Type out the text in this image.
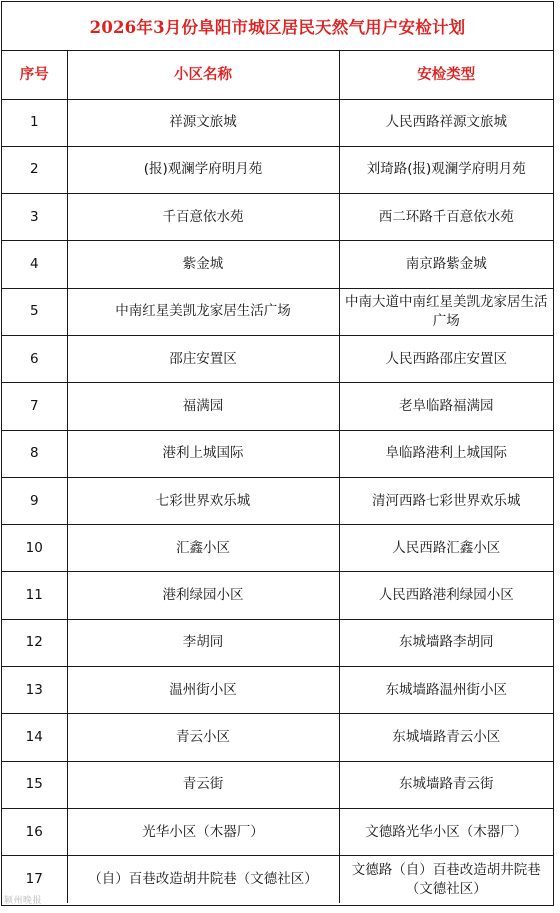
2026年3月份阜阳市城区居民天然气用户安检计划
序号	小区名称	安检类型
1	祥源文旅城	人民西路祥源文旅城
2	(报)观澜学府明月苑	刘琦路(报)观澜学府明月苑
3	千百意依水苑	西二环路千百意依水苑
4	紫金城	南京路紫金城
5	中南红星美凯龙家居生活广场	中南大道中南红星美凯龙家居生活广场
6	邵庄安置区	人民西路邵庄安置区
7	福满园	老阜临路福满园
8	港利上城国际	阜临路港利上城国际
9	七彩世界欢乐城	清河西路七彩世界欢乐城
10	汇鑫小区	人民西路汇鑫小区
11	港利绿园小区	人民西路港利绿园小区
12	李胡同	东城墙路李胡同
13	温州街小区	东城墙路温州街小区
14	青云小区	东城墙路青云小区
15	青云街	东城墙路青云街
16	光华小区（木器厂）	文德路光华小区（木器厂）
17	（自）百巷改造胡井院巷（文德社区）	文德路（自）百巷改造胡井院巷（文德社区）
颍州晚报
